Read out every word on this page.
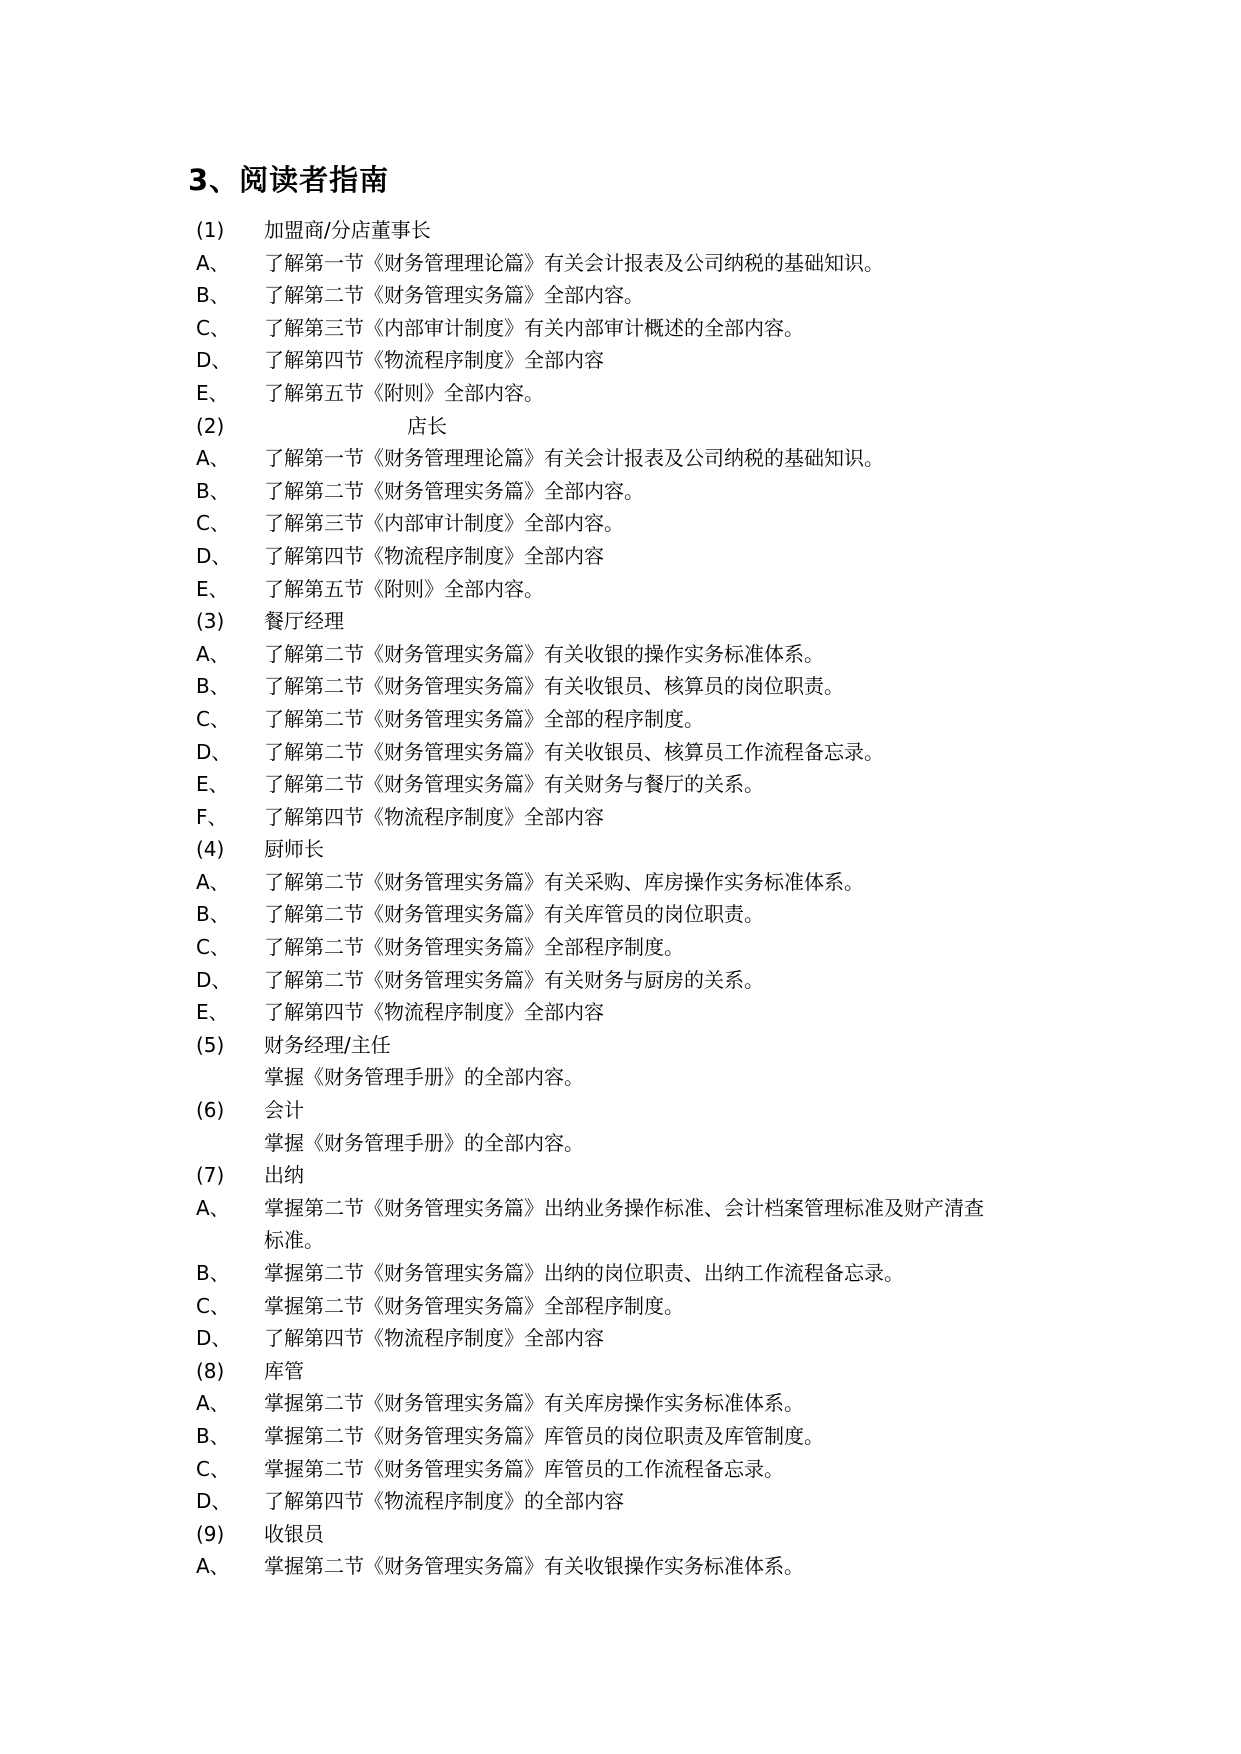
3、阅读者指南
(1) 加盟商/分店董事长
A、 了解第一节《财务管理理论篇》有关会计报表及公司纳税的基础知识。
B、 了解第二节《财务管理实务篇》全部内容。
C、 了解第三节《内部审计制度》有关内部审计概述的全部内容。
D、 了解第四节《物流程序制度》全部内容
E、 了解第五节《附则》全部内容。
(2)	店长
A、 了解第一节《财务管理理论篇》有关会计报表及公司纳税的基础知识。
B、 了解第二节《财务管理实务篇》全部内容。
C、 了解第三节《内部审计制度》全部内容。
D、 了解第四节《物流程序制度》全部内容
E、 了解第五节《附则》全部内容。
(3) 餐厅经理
A、 了解第二节《财务管理实务篇》有关收银的操作实务标准体系。
B、 了解第二节《财务管理实务篇》有关收银员、核算员的岗位职责。
C、 了解第二节《财务管理实务篇》全部的程序制度。
D、 了解第二节《财务管理实务篇》有关收银员、核算员工作流程备忘录。
E、 了解第二节《财务管理实务篇》有关财务与餐厅的关系。
F、 了解第四节《物流程序制度》全部内容
(4) 厨师长
A、 了解第二节《财务管理实务篇》有关采购、库房操作实务标准体系。
B、 了解第二节《财务管理实务篇》有关库管员的岗位职责。
C、 了解第二节《财务管理实务篇》全部程序制度。
D、 了解第二节《财务管理实务篇》有关财务与厨房的关系。
E、 了解第四节《物流程序制度》全部内容
(5) 财务经理/主任
掌握《财务管理手册》的全部内容。
(6) 会计
掌握《财务管理手册》的全部内容。
(7) 出纳
A、 掌握第二节《财务管理实务篇》出纳业务操作标准、会计档案管理标准及财产清查
标准。
B、 掌握第二节《财务管理实务篇》出纳的岗位职责、出纳工作流程备忘录。
C、 掌握第二节《财务管理实务篇》全部程序制度。
D、 了解第四节《物流程序制度》全部内容
(8) 库管
A、 掌握第二节《财务管理实务篇》有关库房操作实务标准体系。
B、 掌握第二节《财务管理实务篇》库管员的岗位职责及库管制度。
C、 掌握第二节《财务管理实务篇》库管员的工作流程备忘录。
D、 了解第四节《物流程序制度》的全部内容
(9) 收银员
A、 掌握第二节《财务管理实务篇》有关收银操作实务标准体系。
